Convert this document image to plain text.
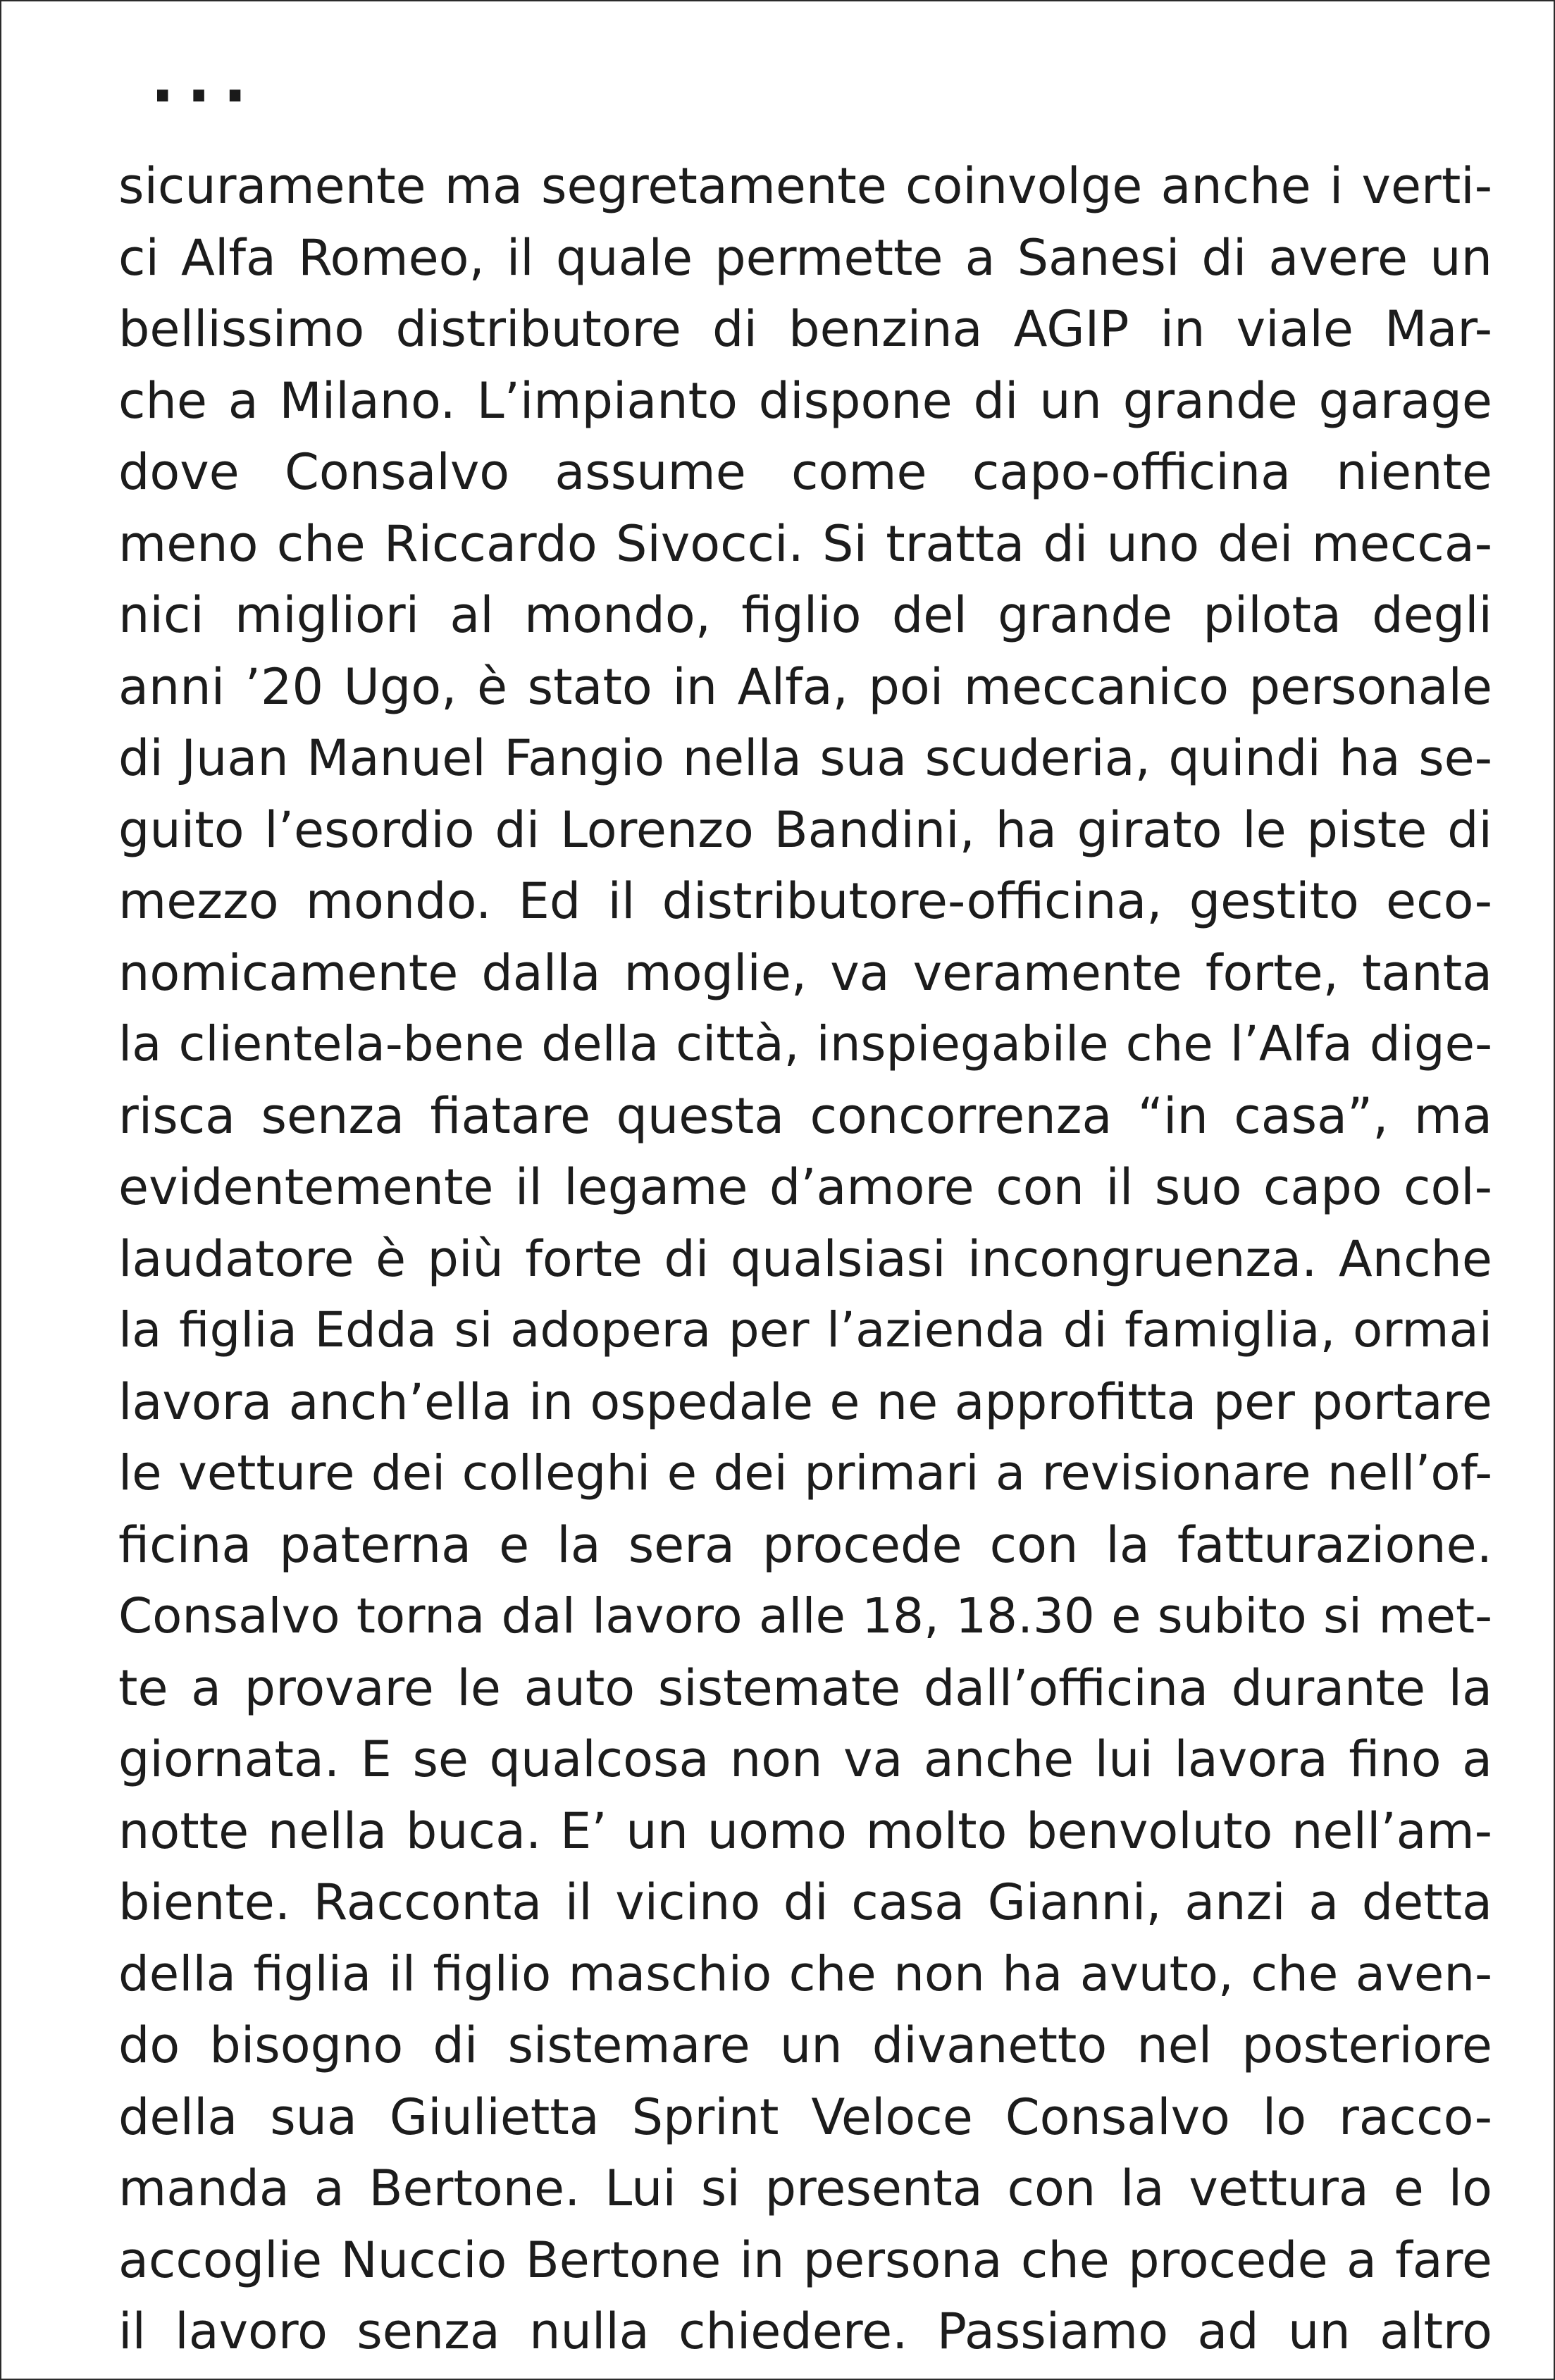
...
sicuramente ma segretamente coinvolge anche i verti-
ci Alfa Romeo, il quale permette a Sanesi di avere un
bellissimo distributore di benzina AGIP in viale Mar-
che a Milano. L’impianto dispone di un grande garage
dove Consalvo assume come capo-officina niente
meno che Riccardo Sivocci. Si tratta di uno dei mecca-
nici migliori al mondo, figlio del grande pilota degli
anni ’20 Ugo, è stato in Alfa, poi meccanico personale
di Juan Manuel Fangio nella sua scuderia, quindi ha se-
guito l’esordio di Lorenzo Bandini, ha girato le piste di
mezzo mondo. Ed il distributore-officina, gestito eco-
nomicamente dalla moglie, va veramente forte, tanta
la clientela-bene della città, inspiegabile che l’Alfa dige-
risca senza fiatare questa concorrenza “in casa”, ma
evidentemente il legame d’amore con il suo capo col-
laudatore è più forte di qualsiasi incongruenza. Anche
la figlia Edda si adopera per l’azienda di famiglia, ormai
lavora anch’ella in ospedale e ne approfitta per portare
le vetture dei colleghi e dei primari a revisionare nell’of-
ficina paterna e la sera procede con la fatturazione.
Consalvo torna dal lavoro alle 18, 18.30 e subito si met-
te a provare le auto sistemate dall’officina durante la
giornata. E se qualcosa non va anche lui lavora fino a
notte nella buca. E’ un uomo molto benvoluto nell’am-
biente. Racconta il vicino di casa Gianni, anzi a detta
della figlia il figlio maschio che non ha avuto, che aven-
do bisogno di sistemare un divanetto nel posteriore
della sua Giulietta Sprint Veloce Consalvo lo racco-
manda a Bertone. Lui si presenta con la vettura e lo
accoglie Nuccio Bertone in persona che procede a fare
il lavoro senza nulla chiedere. Passiamo ad un altro
